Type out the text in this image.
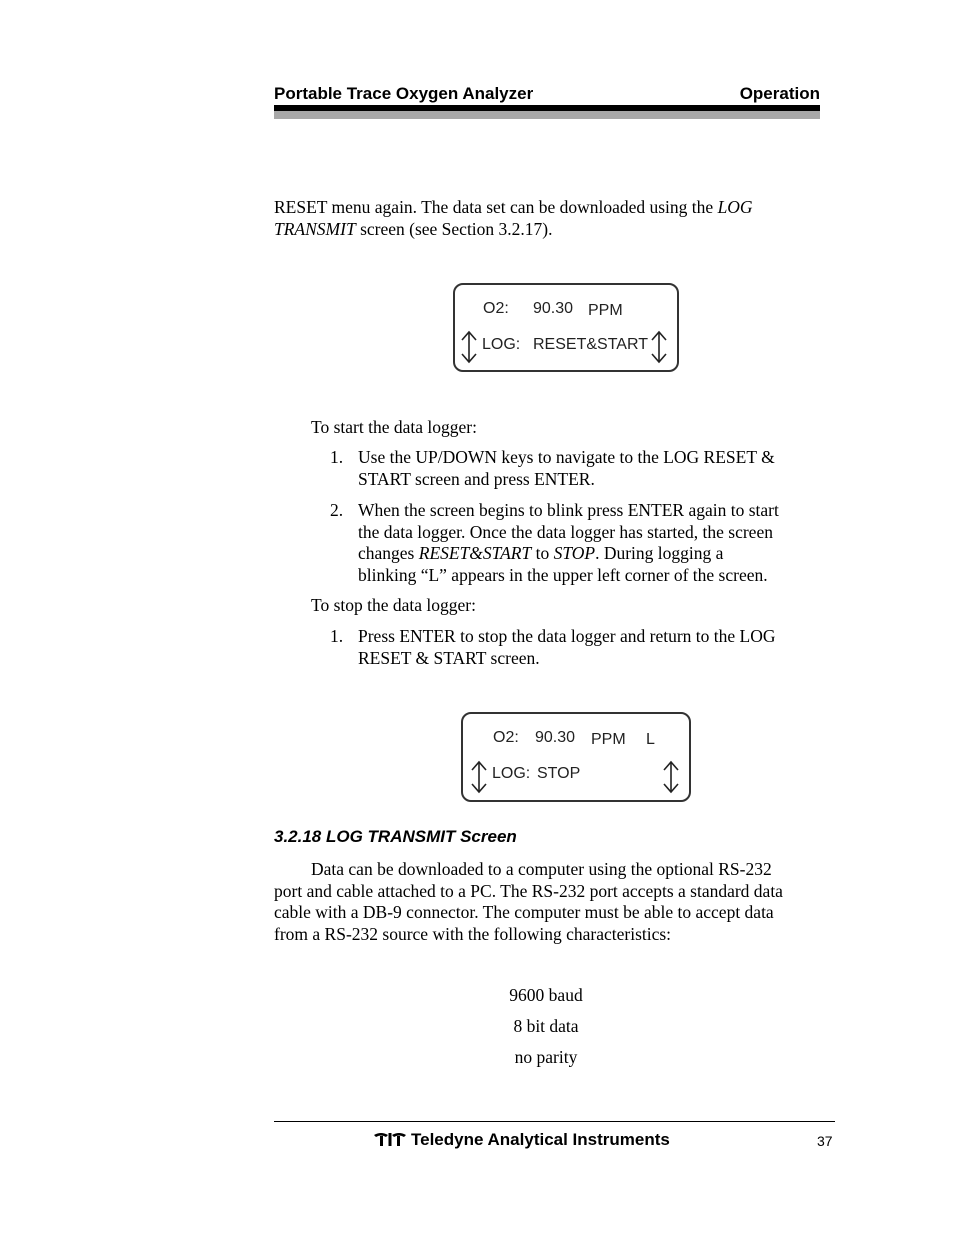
Portable Trace Oxygen Analyzer	Operation
RESET menu again. The data set can be downloaded using the LOG
TRANSMIT screen (see Section 3.2.17).
O2: 90.30 PPM
LOG: RESET&START
To start the data logger:
1. Use the UP/DOWN keys to navigate to the LOG RESET &
START screen and press ENTER.
2. When the screen begins to blink press ENTER again to start
the data logger. Once the data logger has started, the screen
changes RESET&START to STOP. During logging a
blinking “L” appears in the upper left corner of the screen.
To stop the data logger:
1. Press ENTER to stop the data logger and return to the LOG
RESET & START screen.
O2: 90.30 PPM L
LOG: STOP
3.2.18 LOG TRANSMIT Screen
Data can be downloaded to a computer using the optional RS-232
port and cable attached to a PC. The RS-232 port accepts a standard data
cable with a DB-9 connector. The computer must be able to accept data
from a RS-232 source with the following characteristics:
9600 baud
8 bit data
no parity
Teledyne Analytical Instruments	37
